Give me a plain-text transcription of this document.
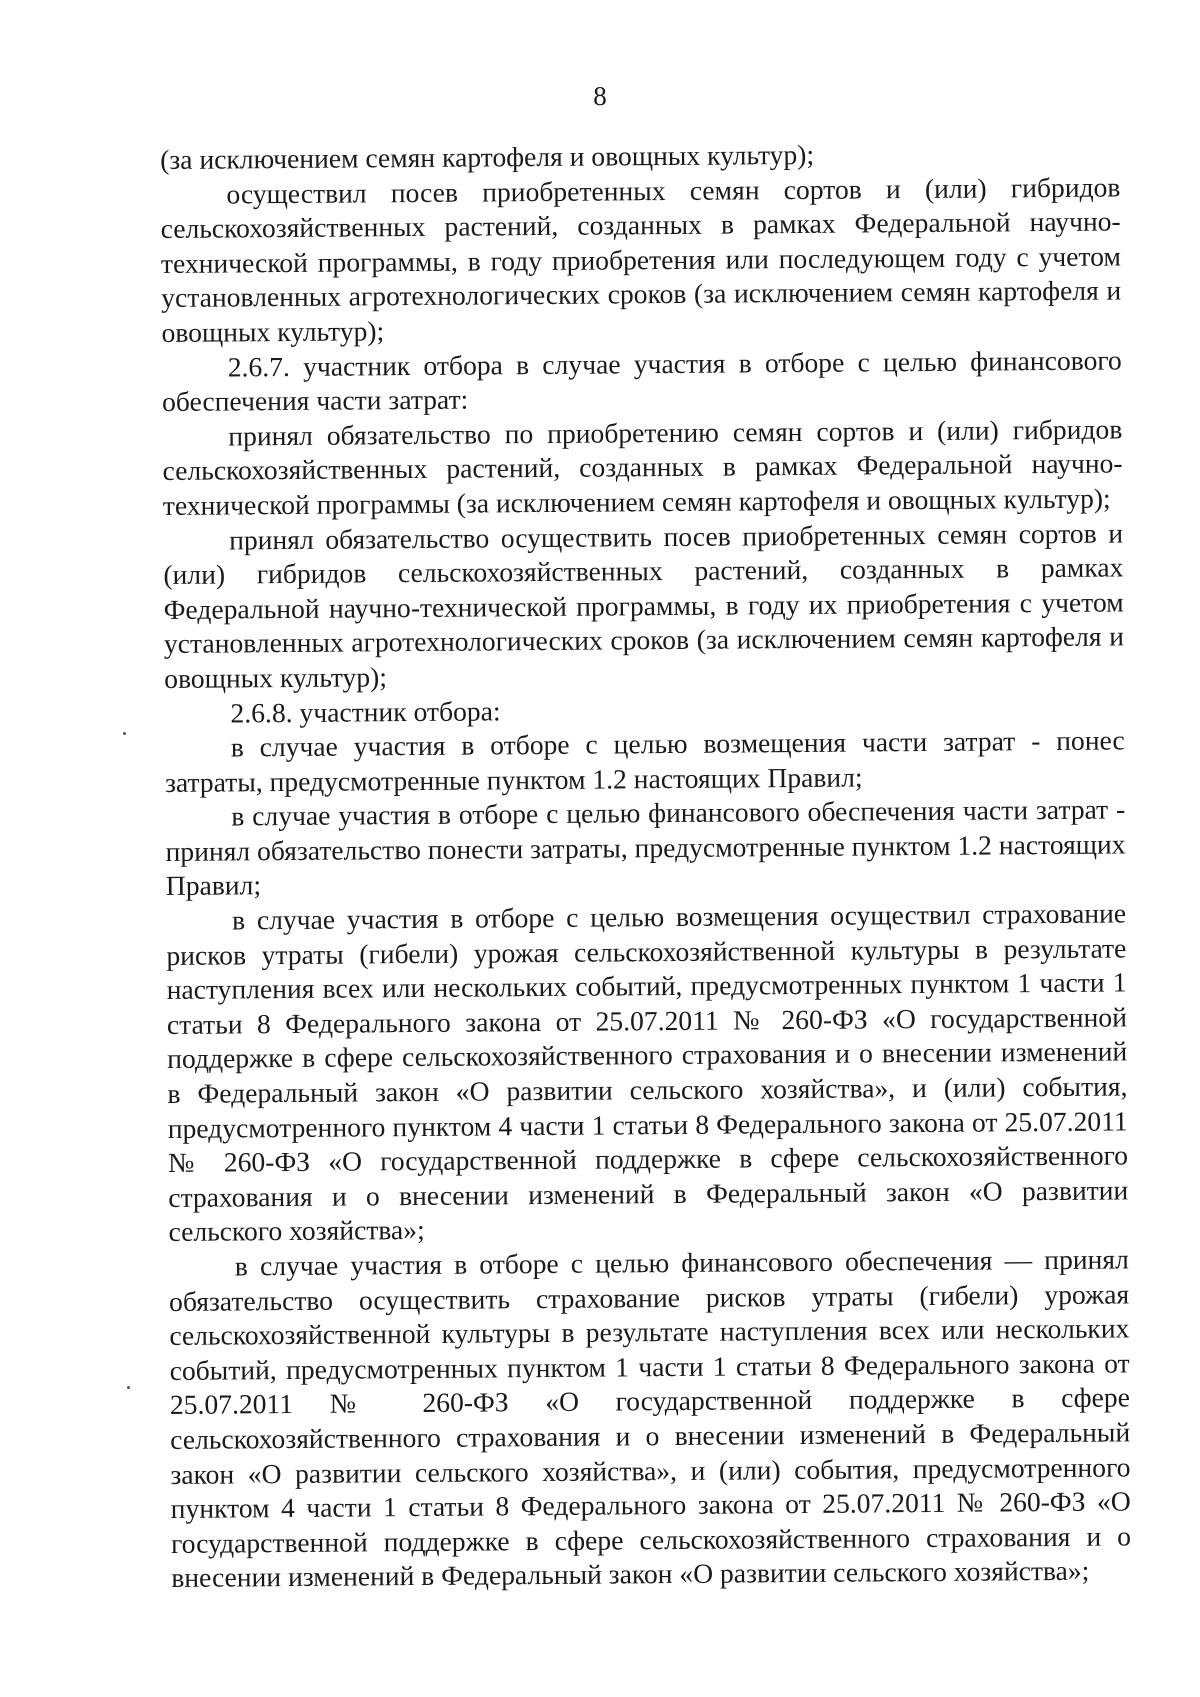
8

(за исключением семян картофеля и овощных культур);

осуществил посев приобретенных семян сортов и (или) гибридов сельскохозяйственных растений, созданных в рамках Федеральной научно-технической программы, в году приобретения или последующем году с учетом установленных агротехнологических сроков (за исключением семян картофеля и овощных культур);

2.6.7. участник отбора в случае участия в отборе с целью финансового обеспечения части затрат:

принял обязательство по приобретению семян сортов и (или) гибридов сельскохозяйственных растений, созданных в рамках Федеральной научно-технической программы (за исключением семян картофеля и овощных культур);

принял обязательство осуществить посев приобретенных семян сортов и (или) гибридов сельскохозяйственных растений, созданных в рамках Федеральной научно-технической программы, в году их приобретения с учетом установленных агротехнологических сроков (за исключением семян картофеля и овощных культур);

2.6.8. участник отбора:

в случае участия в отборе с целью возмещения части затрат - понес затраты, предусмотренные пунктом 1.2 настоящих Правил;

в случае участия в отборе с целью финансового обеспечения части затрат - принял обязательство понести затраты, предусмотренные пунктом 1.2 настоящих Правил;

в случае участия в отборе с целью возмещения осуществил страхование рисков утраты (гибели) урожая сельскохозяйственной культуры в результате наступления всех или нескольких событий, предусмотренных пунктом 1 части 1 статьи 8 Федерального закона от 25.07.2011 № 260-ФЗ «О государственной поддержке в сфере сельскохозяйственного страхования и о внесении изменений в Федеральный закон «О развитии сельского хозяйства», и (или) события, предусмотренного пунктом 4 части 1 статьи 8 Федерального закона от 25.07.2011 № 260-ФЗ «О государственной поддержке в сфере сельскохозяйственного страхования и о внесении изменений в Федеральный закон «О развитии сельского хозяйства»;

в случае участия в отборе с целью финансового обеспечения — принял обязательство осуществить страхование рисков утраты (гибели) урожая сельскохозяйственной культуры в результате наступления всех или нескольких событий, предусмотренных пунктом 1 части 1 статьи 8 Федерального закона от 25.07.2011 № 260-ФЗ «О государственной поддержке в сфере сельскохозяйственного страхования и о внесении изменений в Федеральный закон «О развитии сельского хозяйства», и (или) события, предусмотренного пунктом 4 части 1 статьи 8 Федерального закона от 25.07.2011 № 260-ФЗ «О государственной поддержке в сфере сельскохозяйственного страхования и о внесении изменений в Федеральный закон «О развитии сельского хозяйства»;
